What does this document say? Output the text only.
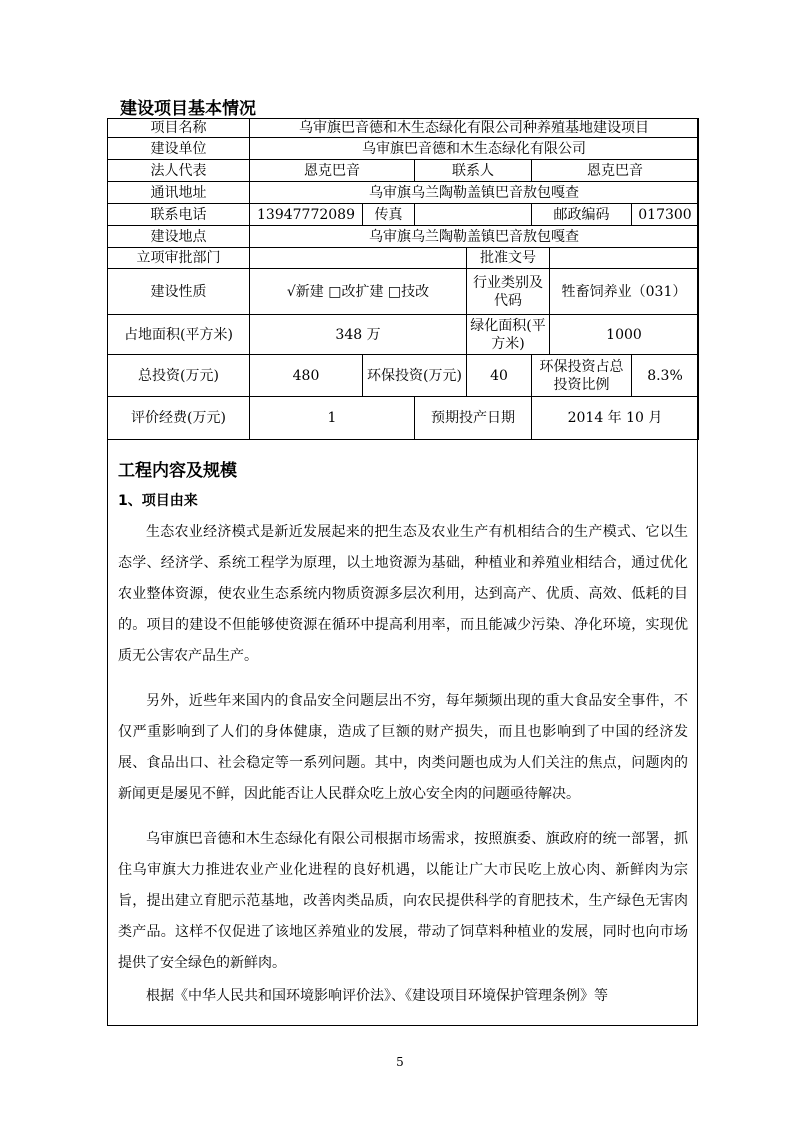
建设项目基本情况
项目名称	乌审旗巴音德和木生态绿化有限公司种养殖基地建设项目						
建设单位	乌审旗巴音德和木生态绿化有限公司						
法人代表	恩克巴音		联系人		恩克巴音		
通讯地址	乌审旗乌兰陶勒盖镇巴音敖包嘎查						
联系电话	13947772089	传真			邮政编码		017300
建设地点	乌审旗乌兰陶勒盖镇巴音敖包嘎查						
立项审批部门				批准文号			
建设性质	√新建 □改扩建 □技改			行业类别及代码		牲畜饲养业（031）	
占地面积(平方米)	348 万			绿化面积(平方米)		1000	
总投资(万元)	480	环保投资(万元)		40	环保投资占总投资比例		8.3%
评价经费(万元)	1		预期投产日期		2014 年 10 月		
工程内容及规模
1、项目由来

生态农业经济模式是新近发展起来的把生态及农业生产有机相结合的生产模式、它以生态学、经济学、系统工程学为原理，以土地资源为基础，种植业和养殖业相结合，通过优化农业整体资源，使农业生态系统内物质资源多层次利用，达到高产、优质、高效、低耗的目的。项目的建设不但能够使资源在循环中提高利用率，而且能减少污染、净化环境，实现优质无公害农产品生产。

另外，近些年来国内的食品安全问题层出不穷，每年频频出现的重大食品安全事件，不仅严重影响到了人们的身体健康，造成了巨额的财产损失，而且也影响到了中国的经济发展、食品出口、社会稳定等一系列问题。其中，肉类问题也成为人们关注的焦点，问题肉的新闻更是屡见不鲜，因此能否让人民群众吃上放心安全肉的问题亟待解决。

乌审旗巴音德和木生态绿化有限公司根据市场需求，按照旗委、旗政府的统一部署，抓住乌审旗大力推进农业产业化进程的良好机遇，以能让广大市民吃上放心肉、新鲜肉为宗旨，提出建立育肥示范基地，改善肉类品质，向农民提供科学的育肥技术，生产绿色无害肉类产品。这样不仅促进了该地区养殖业的发展，带动了饲草料种植业的发展，同时也向市场提供了安全绿色的新鲜肉。

根据《中华人民共和国环境影响评价法》、《建设项目环境保护管理条例》等

5
